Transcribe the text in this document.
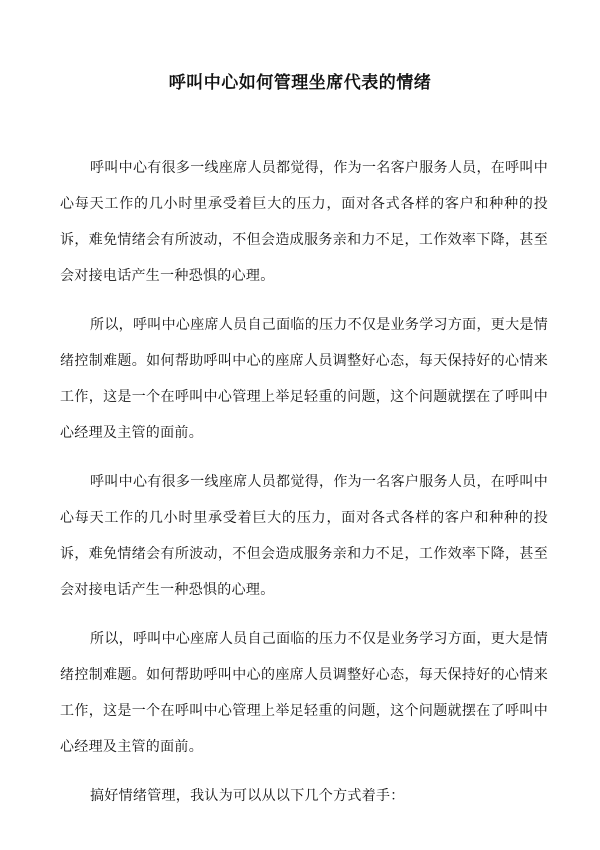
呼叫中心如何管理坐席代表的情绪

呼叫中心有很多一线座席人员都觉得，作为一名客户服务人员，在呼叫中心每天工作的几小时里承受着巨大的压力，面对各式各样的客户和种种的投诉，难免情绪会有所波动，不但会造成服务亲和力不足，工作效率下降，甚至会对接电话产生一种恐惧的心理。

所以，呼叫中心座席人员自己面临的压力不仅是业务学习方面，更大是情绪控制难题。如何帮助呼叫中心的座席人员调整好心态，每天保持好的心情来工作，这是一个在呼叫中心管理上举足轻重的问题，这个问题就摆在了呼叫中心经理及主管的面前。

呼叫中心有很多一线座席人员都觉得，作为一名客户服务人员，在呼叫中心每天工作的几小时里承受着巨大的压力，面对各式各样的客户和种种的投诉，难免情绪会有所波动，不但会造成服务亲和力不足，工作效率下降，甚至会对接电话产生一种恐惧的心理。

所以，呼叫中心座席人员自己面临的压力不仅是业务学习方面，更大是情绪控制难题。如何帮助呼叫中心的座席人员调整好心态，每天保持好的心情来工作，这是一个在呼叫中心管理上举足轻重的问题，这个问题就摆在了呼叫中心经理及主管的面前。

搞好情绪管理，我认为可以从以下几个方式着手：
